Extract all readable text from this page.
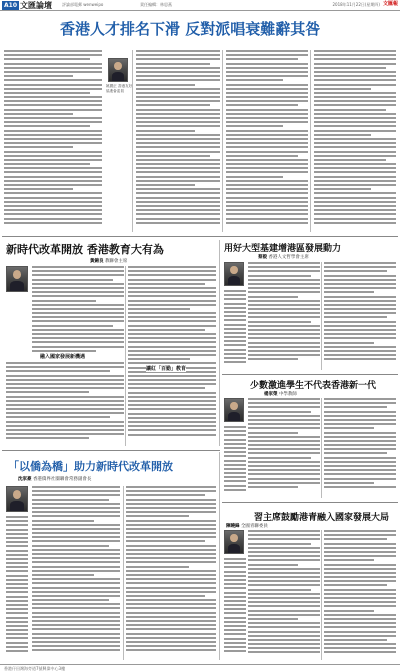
A10 文匯論壇	評論部電郵 wenweipo	責任編輯：林思燕	2018年11月22日(星期四) 文匯報
香港人才排名下滑 反對派唱衰難辭其咎
姚國正 香港友好協進會委員
新時代改革開放 香港教育大有為
黃錦良 教聯會主席
融入國家發展新機遇
讓紅「百勤」教育
用好大型基建增港區發展動力
蔡毅 香港人文哲學會主席
少數激進學生不代表香港新一代
楊家榮 中學教師
「以僑為橋」助力新時代改革開放
沈家豪 香港僑界社團聯會常務副會長
習主席鼓勵港青融入國家發展大局
陳曉鋒 全國青聯委員
香港仔田灣海旁道7號興偉中心3樓
